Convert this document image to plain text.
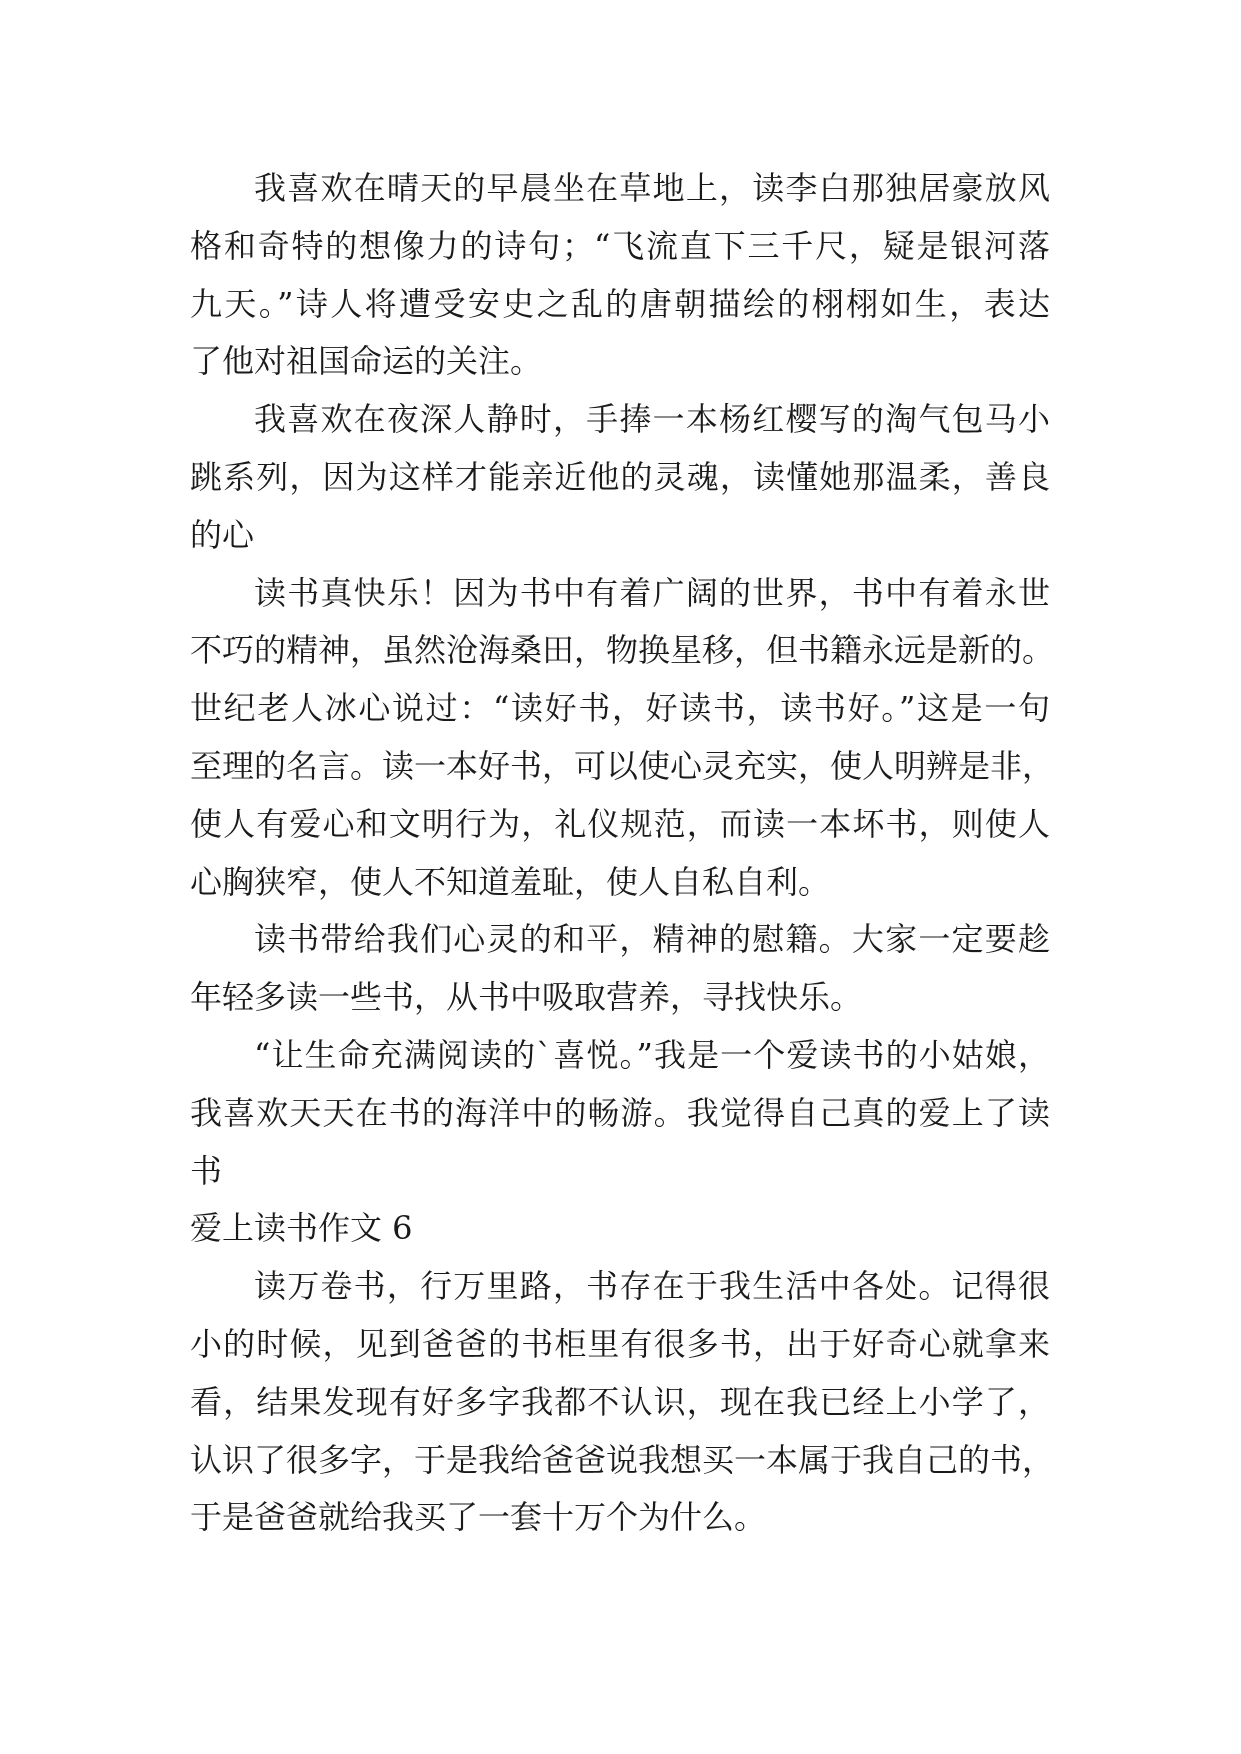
我喜欢在晴天的早晨坐在草地上，读李白那独居豪放风
格和奇特的想像力的诗句；“飞流直下三千尺，疑是银河落
九天。”诗人将遭受安史之乱的唐朝描绘的栩栩如生，表达
了他对祖国命运的关注。
我喜欢在夜深人静时，手捧一本杨红樱写的淘气包马小
跳系列，因为这样才能亲近他的灵魂，读懂她那温柔，善良
的心
读书真快乐！因为书中有着广阔的世界，书中有着永世
不巧的精神，虽然沧海桑田，物换星移，但书籍永远是新的。
世纪老人冰心说过：“读好书，好读书，读书好。”这是一句
至理的名言。读一本好书，可以使心灵充实，使人明辨是非，
使人有爱心和文明行为，礼仪规范，而读一本坏书，则使人
心胸狭窄，使人不知道羞耻，使人自私自利。
读书带给我们心灵的和平，精神的慰籍。大家一定要趁
年轻多读一些书，从书中吸取营养，寻找快乐。
“让生命充满阅读的`喜悦。”我是一个爱读书的小姑娘，
我喜欢天天在书的海洋中的畅游。我觉得自己真的爱上了读
书
爱上读书作文 6
读万卷书，行万里路，书存在于我生活中各处。记得很
小的时候，见到爸爸的书柜里有很多书，出于好奇心就拿来
看，结果发现有好多字我都不认识，现在我已经上小学了，
认识了很多字，于是我给爸爸说我想买一本属于我自己的书，
于是爸爸就给我买了一套十万个为什么。
